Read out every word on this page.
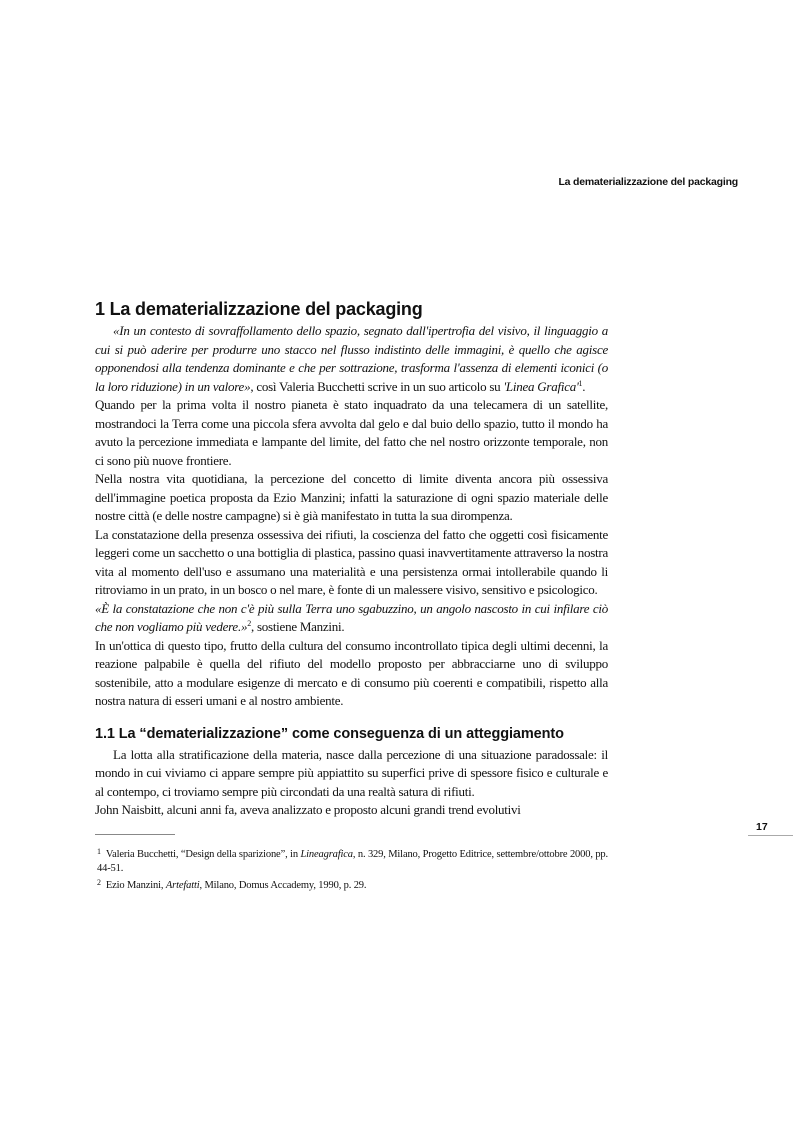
La dematerializzazione del packaging
1 La dematerializzazione del packaging

«In un contesto di sovraffollamento dello spazio, segnato dall'ipertrofia del visivo, il linguaggio a cui si può aderire per produrre uno stacco nel flusso indistinto delle immagini, è quello che agisce opponendosi alla tendenza dominante e che per sottrazione, trasforma l'assenza di elementi iconici (o la loro riduzione) in un valore», così Valeria Bucchetti scrive in un suo articolo su 'Linea $Grafica'^1$.

Quando per la prima volta il nostro pianeta è stato inquadrato da una telecamera di un satellite, mostrandoci la Terra come una piccola sfera avvolta dal gelo e dal buio dello spazio, tutto il mondo ha avuto la percezione immediata e lampante del limite, del fatto che nel nostro orizzonte temporale, non ci sono più nuove frontiere.

Nella nostra vita quotidiana, la percezione del concetto di limite diventa ancora più ossessiva dell'immagine poetica proposta da Ezio Manzini; infatti la saturazione di ogni spazio materiale delle nostre città (e delle nostre campagne) si è già manifestato in tutta la sua dirompenza.

La constatazione della presenza ossessiva dei rifiuti, la coscienza del fatto che oggetti così fisicamente leggeri come un sacchetto o una bottiglia di plastica, passino quasi inavvertitamente attraverso la nostra vita al momento dell'uso e assumano una materialità e una persistenza ormai intollerabile quando li ritroviamo in un prato, in un bosco o nel mare, è fonte di un malessere visivo, sensitivo e psicologico.

«È la constatazione che non c'è più sulla Terra uno sgabuzzino, un angolo nascosto in cui infilare ciò che non vogliamo più vedere.»$^2$, sostiene Manzini.

In un'ottica di questo tipo, frutto della cultura del consumo incontrollato tipica degli ultimi decenni, la reazione palpabile è quella del rifiuto del modello proposto per abbracciarne uno di sviluppo sostenibile, atto a modulare esigenze di mercato e di consumo più coerenti e compatibili, rispetto alla nostra natura di esseri umani e al nostro ambiente.

1.1 La “dematerializzazione” come conseguenza di un atteggiamento

La lotta alla stratificazione della materia, nasce dalla percezione di una situazione paradossale: il mondo in cui viviamo ci appare sempre più appiattito su superfici prive di spessore fisico e culturale e al contempo, ci troviamo sempre più circondati da una realtà satura di rifiuti.

John Naisbitt, alcuni anni fa, aveva analizzato e proposto alcuni grandi trend evolutivi

$^1$ Valeria Bucchetti, “Design della sparizione”, in Lineagrafica, n. 329, Milano, Progetto Editrice, settembre/ottobre 2000, pp. 44-51.
$^2$ Ezio Manzini, Artefatti, Milano, Domus Accademy, 1990, p. 29.
17
